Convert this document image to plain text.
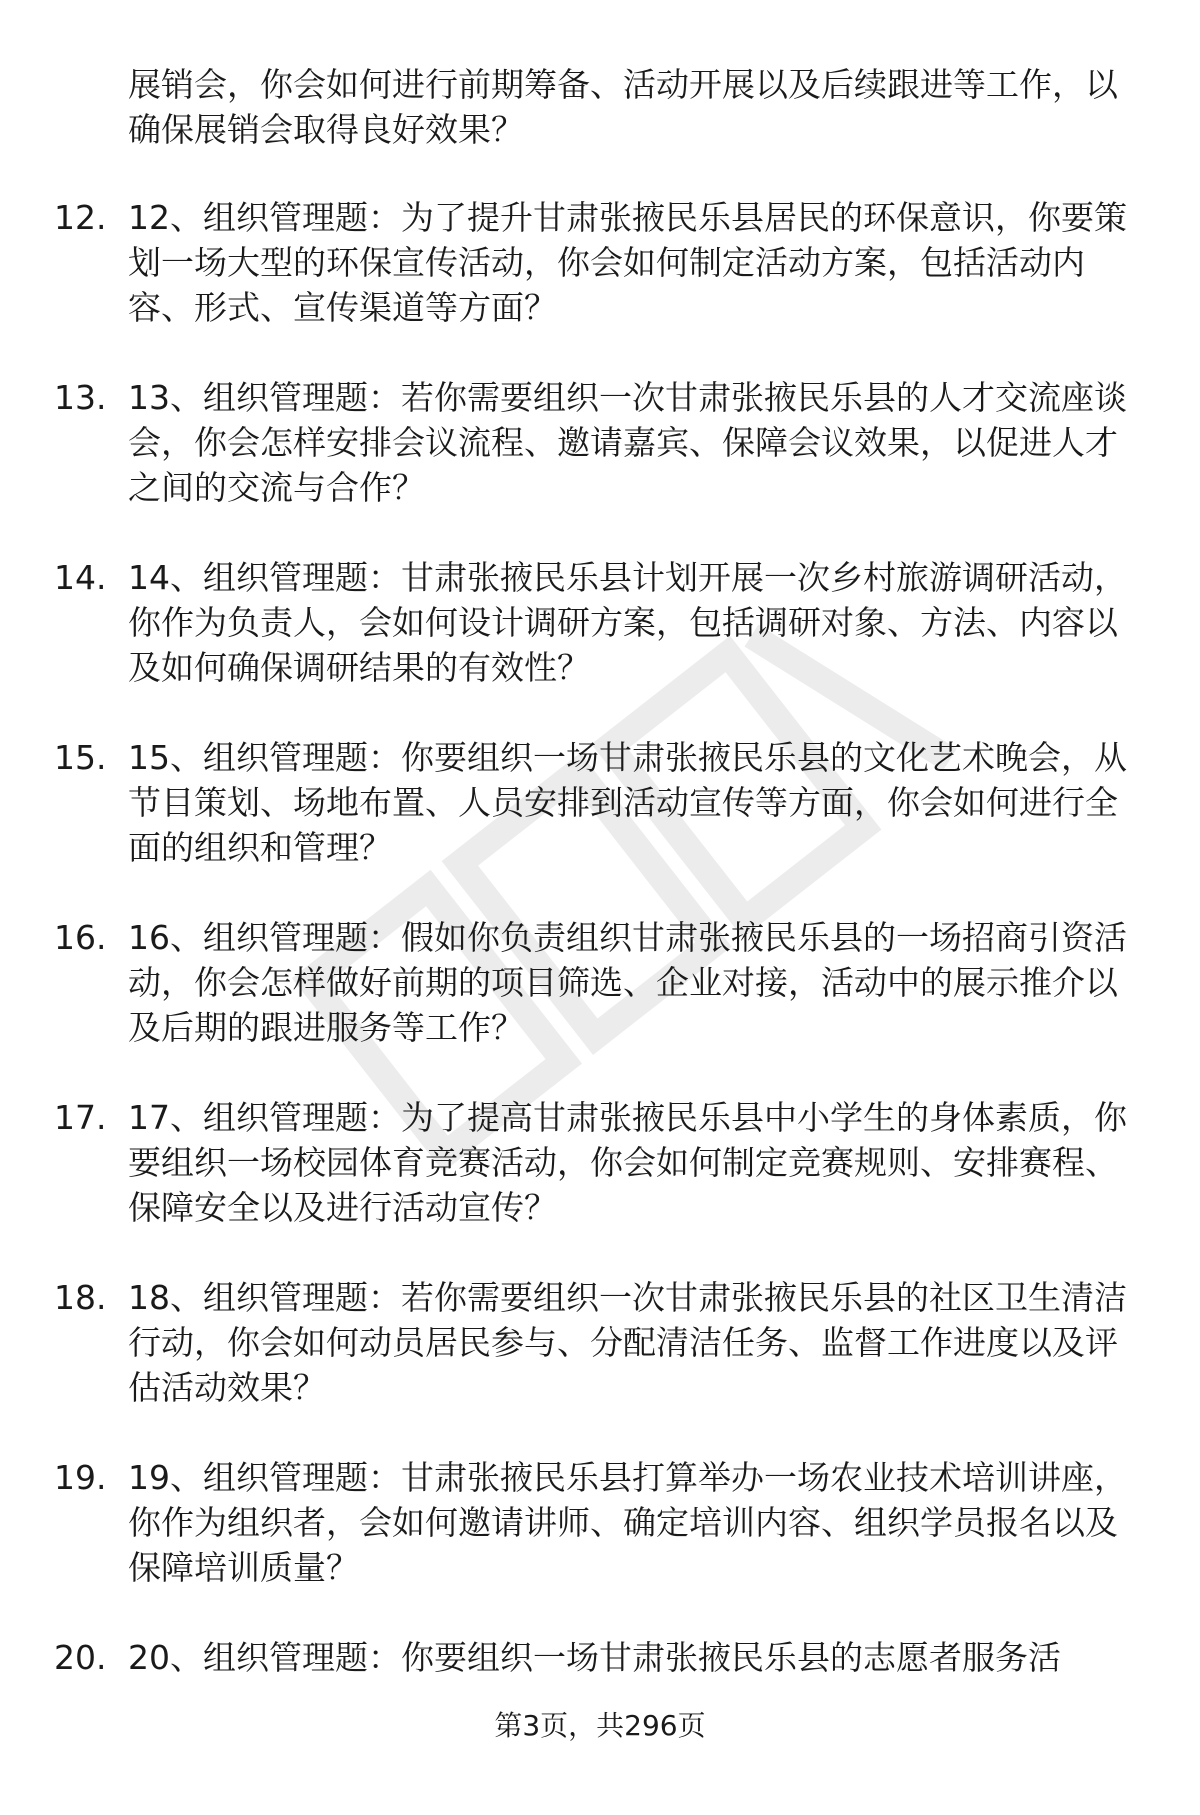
展销会，你会如何进行前期筹备、活动开展以及后续跟进等工作，以确保展销会取得良好效果？
12. 12、组织管理题：为了提升甘肃张掖民乐县居民的环保意识，你要策划一场大型的环保宣传活动，你会如何制定活动方案，包括活动内容、形式、宣传渠道等方面？
13. 13、组织管理题：若你需要组织一次甘肃张掖民乐县的人才交流座谈会，你会怎样安排会议流程、邀请嘉宾、保障会议效果，以促进人才之间的交流与合作？
14. 14、组织管理题：甘肃张掖民乐县计划开展一次乡村旅游调研活动，你作为负责人，会如何设计调研方案，包括调研对象、方法、内容以及如何确保调研结果的有效性？
15. 15、组织管理题：你要组织一场甘肃张掖民乐县的文化艺术晚会，从节目策划、场地布置、人员安排到活动宣传等方面，你会如何进行全面的组织和管理？
16. 16、组织管理题：假如你负责组织甘肃张掖民乐县的一场招商引资活动，你会怎样做好前期的项目筛选、企业对接，活动中的展示推介以及后期的跟进服务等工作？
17. 17、组织管理题：为了提高甘肃张掖民乐县中小学生的身体素质，你要组织一场校园体育竞赛活动，你会如何制定竞赛规则、安排赛程、保障安全以及进行活动宣传？
18. 18、组织管理题：若你需要组织一次甘肃张掖民乐县的社区卫生清洁行动，你会如何动员居民参与、分配清洁任务、监督工作进度以及评估活动效果？
19. 19、组织管理题：甘肃张掖民乐县打算举办一场农业技术培训讲座，你作为组织者，会如何邀请讲师、确定培训内容、组织学员报名以及保障培训质量？
20. 20、组织管理题：你要组织一场甘肃张掖民乐县的志愿者服务活
第3页，共296页
